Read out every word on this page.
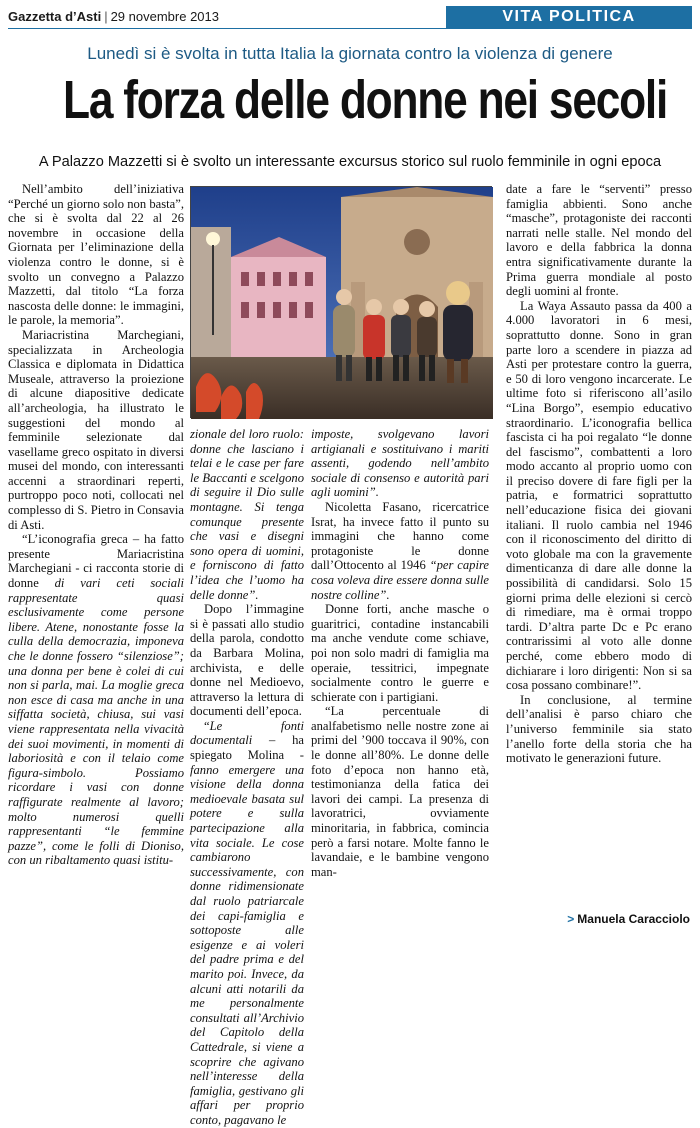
Gazzetta d’Asti | 29 novembre 2013	VITA POLITICA
Lunedì si è svolta in tutta Italia la giornata contro la violenza di genere
La forza delle donne nei secoli
A Palazzo Mazzetti si è svolto un interessante excursus storico sul ruolo femminile in ogni epoca

Nell’ambito dell’iniziativa “Perché un giorno solo non basta”, che si è svolta dal 22 al 26 novembre in occasione della Giornata per l’eliminazione della violenza contro le donne, si è svolto un convegno a Palazzo Mazzetti, dal titolo “La forza nascosta delle donne: le immagini, le parole, la memoria”.

Mariacristina Marchegiani, specializzata in Archeologia Classica e diplomata in Didattica Museale, attraverso la proiezione di alcune diapositive dedicate all’archeologia, ha illustrato le suggestioni del mondo al femminile selezionate dal vasellame greco ospitato in diversi musei del mondo, con interessanti accenni a straordinari reperti, purtroppo poco noti, collocati nel complesso di S. Pietro in Consavia di Asti.

“L’iconografia greca – ha fatto presente Mariacristina Marchegiani - ci racconta storie di donne di vari ceti sociali rappresentate quasi esclusivamente come persone libere. Atene, nonostante fosse la culla della democrazia, imponeva che le donne fossero “silenziose”; una donna per bene è colei di cui non si parla, mai. La moglie greca non esce di casa ma anche in una siffatta società, chiusa, sui vasi viene rappresentata nella vivacità dei suoi movimenti, in momenti di laboriosità e con il telaio come figura-simbolo. Possiamo ricordare i vasi con donne raffigurate realmente al lavoro; molto numerosi quelli rappresentanti “le femmine pazze”, come le folli di Dioniso, con un ribaltamento quasi istitu-

zionale del loro ruolo: donne che lasciano i telai e le case per fare le Baccanti e scelgono di seguire il Dio sulle montagne. Si tenga comunque presente che vasi e disegni sono opera di uomini, e forniscono di fatto l’idea che l’uomo ha delle donne”.

Dopo l’immagine si è passati allo studio della parola, condotto da Barbara Molina, archivista, e delle donne nel Medioevo, attraverso la lettura di documenti dell’epoca.

“Le fonti documentali – ha spiegato Molina - fanno emergere una visione della donna medioevale basata sul potere e sulla partecipazione alla vita sociale. Le cose cambiarono successivamente, con donne ridimensionate dal ruolo patriarcale dei capi-famiglia e sottoposte alle esigenze e ai voleri del padre prima e del marito poi. Invece, da alcuni atti notarili da me personalmente consultati all’Archivio del Capitolo della Cattedrale, si viene a scoprire che agivano nell’interesse della famiglia, gestivano gli affari per proprio conto, pagavano le

imposte, svolgevano lavori artigianali e sostituivano i mariti assenti, godendo nell’ambito sociale di consenso e autorità pari agli uomini”.

Nicoletta Fasano, ricercatrice Israt, ha invece fatto il punto su immagini che hanno come protagoniste le donne dall’Ottocento al 1946 “per capire cosa voleva dire essere donna sulle nostre colline”.

Donne forti, anche masche o guaritrici, contadine instancabili ma anche vendute come schiave, poi non solo madri di famiglia ma operaie, tessitrici, impegnate socialmente contro le guerre e schierate con i partigiani.

“La percentuale di analfabetismo nelle nostre zone ai primi del ’900 toccava il 90%, con le donne all’80%. Le donne delle foto d’epoca non hanno età, testimonianza della fatica dei lavori dei campi. La presenza di lavoratrici, ovviamente minoritaria, in fabbrica, comincia però a farsi notare. Molte fanno le lavandaie, e le bambine vengono man-

date a fare le “serventi” presso famiglia abbienti. Sono anche “masche”, protagoniste dei racconti narrati nelle stalle. Nel mondo del lavoro e della fabbrica la donna entra significativamente durante la Prima guerra mondiale al posto degli uomini al fronte.

La Waya Assauto passa da 400 a 4.000 lavoratori in 6 mesi, soprattutto donne. Sono in gran parte loro a scendere in piazza ad Asti per protestare contro la guerra, e 50 di loro vengono incarcerate. Le ultime foto si riferiscono all’asilo “Lina Borgo”, esempio educativo straordinario. L’iconografia bellica fascista ci ha poi regalato “le donne del fascismo”, combattenti a loro modo accanto al proprio uomo con il preciso dovere di fare figli per la patria, e formatrici soprattutto nell’educazione fisica dei giovani italiani. Il ruolo cambia nel 1946 con il riconoscimento del diritto di voto globale ma con la gravemente dimenticanza di dare alle donne la possibilità di candidarsi. Solo 15 giorni prima delle elezioni si cercò di rimediare, ma è ormai troppo tardi. D’altra parte Dc e Pc erano contrarissimi al voto alle donne perché, come ebbero modo di dichiarare i loro dirigenti: Non si sa cosa possano combinare!”.

In conclusione, al termine dell’analisi è parso chiaro che l’universo femminile sia stato l’anello forte della storia che ha motivato le generazioni future.

> Manuela Caracciolo
